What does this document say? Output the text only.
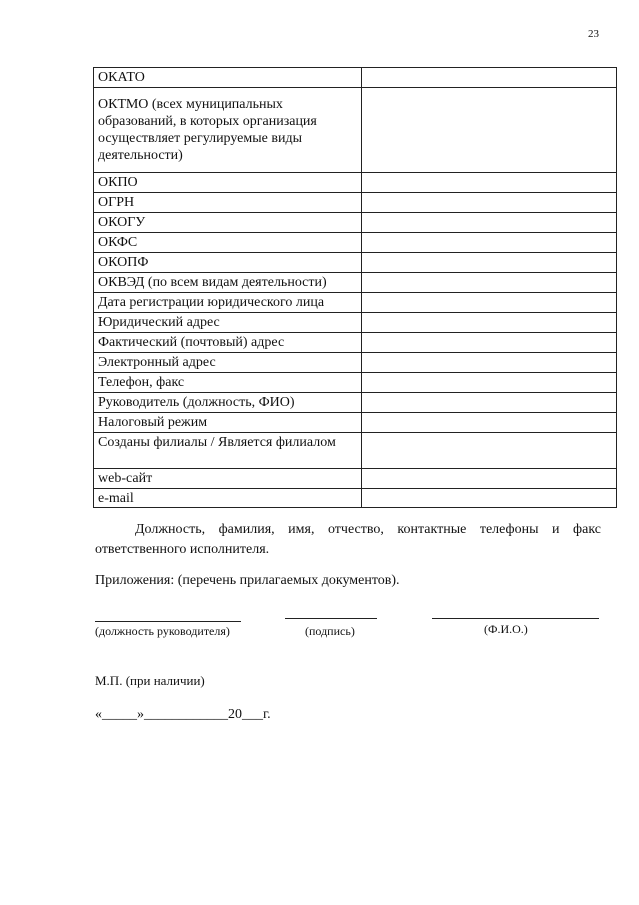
23
ОКАТО	
ОКТМО (всех муниципальных образований, в которых организация осуществляет регулируемые виды деятельности)	
ОКПО	
ОГРН	
ОКОГУ	
ОКФС	
ОКОПФ	
ОКВЭД (по всем видам деятельности)	
Дата регистрации юридического лица	
Юридический адрес	
Фактический (почтовый) адрес	
Электронный адрес	
Телефон, факс	
Руководитель (должность, ФИО)	
Налоговый режим	
Созданы филиалы / Является филиалом	
web-сайт	
e-mail	
Должность, фамилия, имя, отчество, контактные телефоны и факс ответственного исполнителя.
Приложения: (перечень прилагаемых документов).
(должность руководителя)	(подпись)	(Ф.И.О.)
М.П. (при наличии)
«_____»____________20___г.
